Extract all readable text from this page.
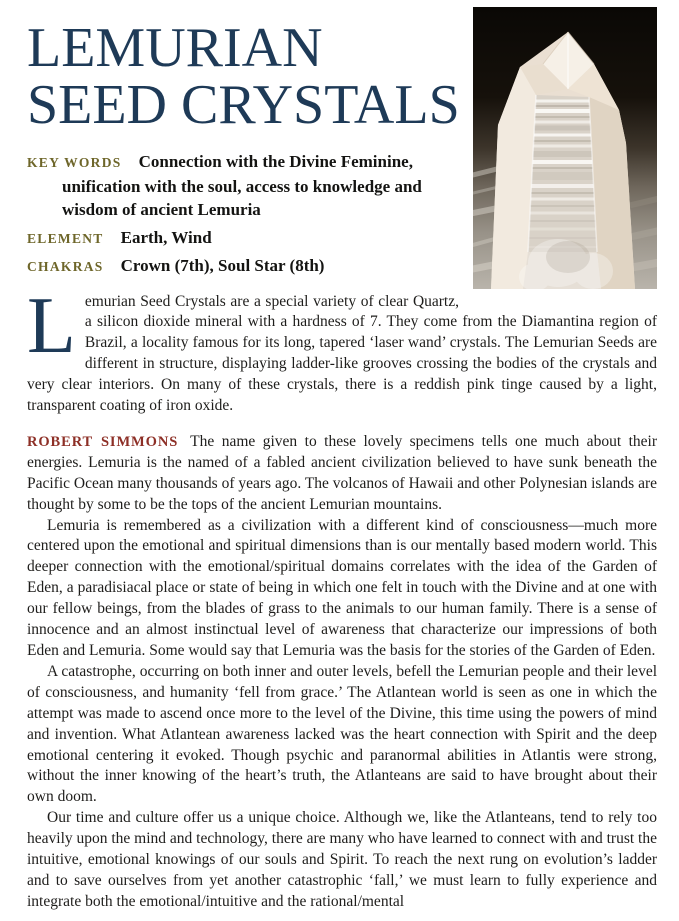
LEMURIAN
SEED CRYSTALS

KEY WORDS Connection with the Divine Feminine, unification with the soul, access to knowledge and wisdom of ancient Lemuria

ELEMENT Earth, Wind

CHAKRAS Crown (7th), Soul Star (8th)

Lemurian Seed Crystals are a special variety of clear Quartz, a silicon dioxide mineral with a hardness of 7. They come from the Diamantina region of Brazil, a locality famous for its long, tapered ‘laser wand’ crystals. The Lemurian Seeds are different in structure, displaying ladder-like grooves crossing the bodies of the crystals and very clear interiors. On many of these crystals, there is a reddish pink tinge caused by a light, transparent coating of iron oxide.

ROBERT SIMMONS The name given to these lovely specimens tells one much about their energies. Lemuria is the named of a fabled ancient civilization believed to have sunk beneath the Pacific Ocean many thousands of years ago. The volcanos of Hawaii and other Polynesian islands are thought by some to be the tops of the ancient Lemurian mountains.

Lemuria is remembered as a civilization with a different kind of consciousness—much more centered upon the emotional and spiritual dimensions than is our mentally based modern world. This deeper connection with the emotional/spiritual domains correlates with the idea of the Garden of Eden, a paradisiacal place or state of being in which one felt in touch with the Divine and at one with our fellow beings, from the blades of grass to the animals to our human family. There is a sense of innocence and an almost instinctual level of awareness that characterize our impressions of both Eden and Lemuria. Some would say that Lemuria was the basis for the stories of the Garden of Eden.

A catastrophe, occurring on both inner and outer levels, befell the Lemurian people and their level of consciousness, and humanity ‘fell from grace.’ The Atlantean world is seen as one in which the attempt was made to ascend once more to the level of the Divine, this time using the powers of mind and invention. What Atlantean awareness lacked was the heart connection with Spirit and the deep emotional centering it evoked. Though psychic and paranormal abilities in Atlantis were strong, without the inner knowing of the heart’s truth, the Atlanteans are said to have brought about their own doom.

Our time and culture offer us a unique choice. Although we, like the Atlanteans, tend to rely too heavily upon the mind and technology, there are many who have learned to connect with and trust the intuitive, emotional knowings of our souls and Spirit. To reach the next rung on evolution’s ladder and to save ourselves from yet another catastrophic ‘fall,’ we must learn to fully experience and integrate both the emotional/intuitive and the rational/mental
